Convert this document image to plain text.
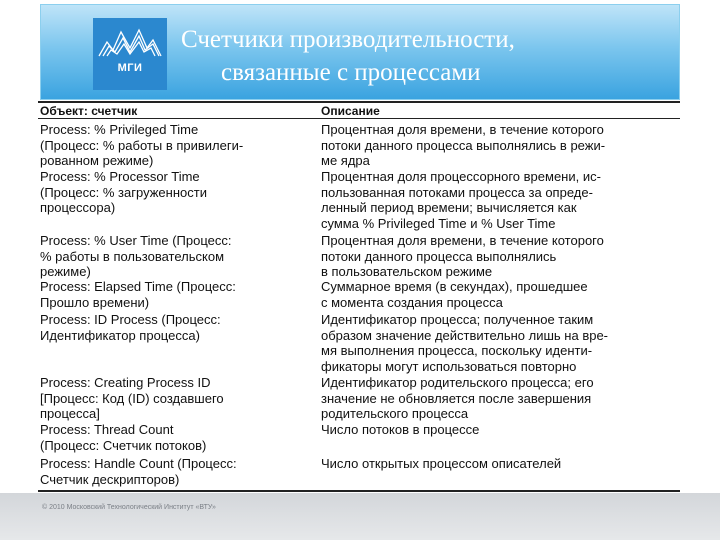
МГИ
Счетчики производительности,
связанные с процессами
Объект: счетчик	Описание
Process: % Privileged Time
(Процесс: % работы в привилеги-
рованном режиме)
Процентная доля времени, в течение которого
потоки данного процесса выполнялись в режи-
ме ядра
Process: % Processor Time
(Процесс: % загруженности
процессора)
Процентная доля процессорного времени, ис-
пользованная потоками процесса за опреде-
ленный период времени; вычисляется как
сумма % Privileged Time и % User Time
Process: % User Time (Процесс:
% работы в пользовательском
режиме)
Процентная доля времени, в течение которого
потоки данного процесса выполнялись
в пользовательском режиме
Process: Elapsed Time (Процесс:
Прошло времени)
Суммарное время (в секундах), прошедшее
с момента создания процесса
Process: ID Process (Процесс:
Идентификатор процесса)
Идентификатор процесса; полученное таким
образом значение действительно лишь на вре-
мя выполнения процесса, поскольку иденти-
фикаторы могут использоваться повторно
Process: Creating Process ID
[Процесс: Код (ID) создавшего
процесса]
Идентификатор родительского процесса; его
значение не обновляется после завершения
родительского процесса
Process: Thread Count
(Процесс: Счетчик потоков)
Число потоков в процессе
Process: Handle Count (Процесс:
Счетчик дескрипторов)
Число открытых процессом описателей
© 2010 Московский Технологический Институт «ВТУ»
